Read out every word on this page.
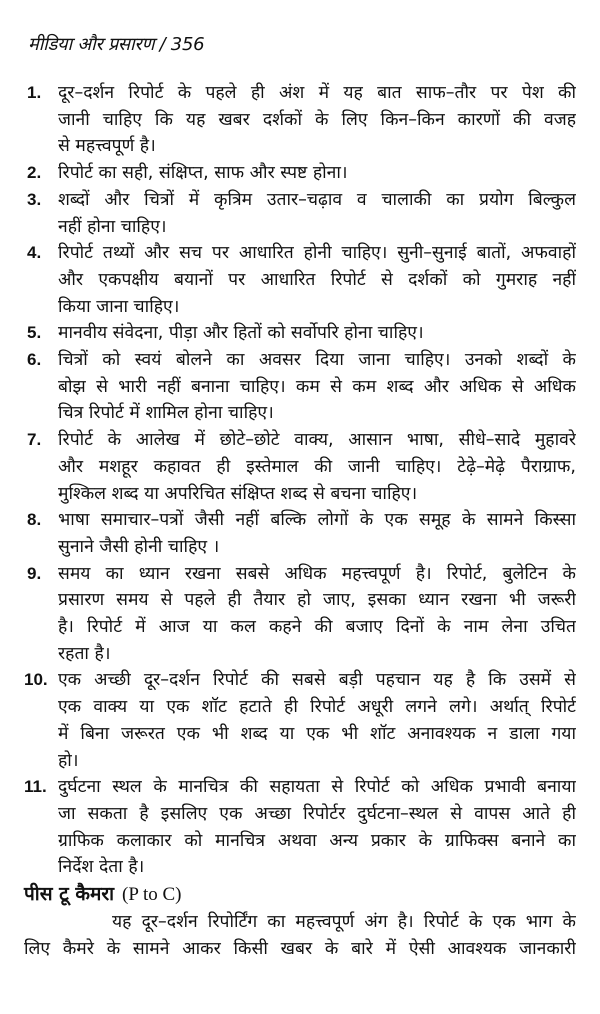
मीडिया और प्रसारण / 356
1. दूर–दर्शन रिपोर्ट के पहले ही अंश में यह बात साफ–तौर पर पेश की
जानी चाहिए कि यह खबर दर्शकों के लिए किन–किन कारणों की वजह
से महत्त्वपूर्ण है।
2. रिपोर्ट का सही, संक्षिप्त, साफ और स्पष्ट होना।
3. शब्दों और चित्रों में कृत्रिम उतार–चढ़ाव व चालाकी का प्रयोग बिल्कुल
नहीं होना चाहिए।
4. रिपोर्ट तथ्यों और सच पर आधारित होनी चाहिए। सुनी–सुनाई बातों, अफवाहों
और एकपक्षीय बयानों पर आधारित रिपोर्ट से दर्शकों को गुमराह नहीं
किया जाना चाहिए।
5. मानवीय संवेदना, पीड़ा और हितों को सर्वोपरि होना चाहिए।
6. चित्रों को स्वयं बोलने का अवसर दिया जाना चाहिए। उनको शब्दों के
बोझ से भारी नहीं बनाना चाहिए। कम से कम शब्द और अधिक से अधिक
चित्र रिपोर्ट में शामिल होना चाहिए।
7. रिपोर्ट के आलेख में छोटे–छोटे वाक्य, आसान भाषा, सीधे–सादे मुहावरे
और मशहूर कहावत ही इस्तेमाल की जानी चाहिए। टेढ़े–मेढ़े पैराग्राफ,
मुश्किल शब्द या अपरिचित संक्षिप्त शब्द से बचना चाहिए।
8. भाषा समाचार–पत्रों जैसी नहीं बल्कि लोगों के एक समूह के सामने किस्सा
सुनाने जैसी होनी चाहिए ।
9. समय का ध्यान रखना सबसे अधिक महत्त्वपूर्ण है। रिपोर्ट, बुलेटिन के
प्रसारण समय से पहले ही तैयार हो जाए, इसका ध्यान रखना भी जरूरी
है। रिपोर्ट में आज या कल कहने की बजाए दिनों के नाम लेना उचित
रहता है।
10. एक अच्छी दूर–दर्शन रिपोर्ट की सबसे बड़ी पहचान यह है कि उसमें से
एक वाक्य या एक शॉट हटाते ही रिपोर्ट अधूरी लगने लगे। अर्थात् रिपोर्ट
में बिना जरूरत एक भी शब्द या एक भी शॉट अनावश्यक न डाला गया
हो।
11. दुर्घटना स्थल के मानचित्र की सहायता से रिपोर्ट को अधिक प्रभावी बनाया
जा सकता है इसलिए एक अच्छा रिपोर्टर दुर्घटना–स्थल से वापस आते ही
ग्राफिक कलाकार को मानचित्र अथवा अन्य प्रकार के ग्राफिक्स बनाने का
निर्देश देता है।
पीस टू कैमरा (P to C)
यह दूर–दर्शन रिपोर्टिंग का महत्त्वपूर्ण अंग है। रिपोर्ट के एक भाग के
लिए कैमरे के सामने आकर किसी खबर के बारे में ऐसी आवश्यक जानकारी
